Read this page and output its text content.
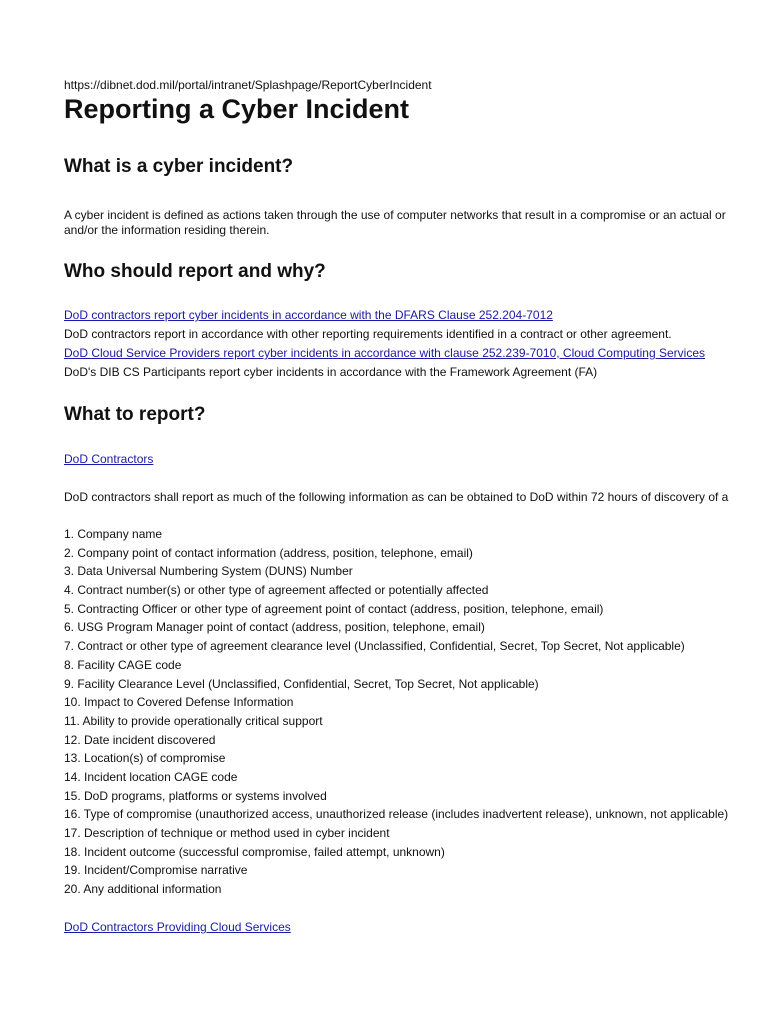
https://dibnet.dod.mil/portal/intranet/Splashpage/ReportCyberIncident
Reporting a Cyber Incident
What is a cyber incident?
A cyber incident is defined as actions taken through the use of computer networks that result in a compromise or an actual or
and/or the information residing therein.
Who should report and why?
DoD contractors report cyber incidents in accordance with the DFARS Clause 252.204-7012
DoD contractors report in accordance with other reporting requirements identified in a contract or other agreement.
DoD Cloud Service Providers report cyber incidents in accordance with clause 252.239-7010, Cloud Computing Services
DoD's DIB CS Participants report cyber incidents in accordance with the Framework Agreement (FA)
What to report?
DoD Contractors
DoD contractors shall report as much of the following information as can be obtained to DoD within 72 hours of discovery of a
1. Company name
2. Company point of contact information (address, position, telephone, email)
3. Data Universal Numbering System (DUNS) Number
4. Contract number(s) or other type of agreement affected or potentially affected
5. Contracting Officer or other type of agreement point of contact (address, position, telephone, email)
6. USG Program Manager point of contact (address, position, telephone, email)
7. Contract or other type of agreement clearance level (Unclassified, Confidential, Secret, Top Secret, Not applicable)
8. Facility CAGE code
9. Facility Clearance Level (Unclassified, Confidential, Secret, Top Secret, Not applicable)
10. Impact to Covered Defense Information
11. Ability to provide operationally critical support
12. Date incident discovered
13. Location(s) of compromise
14. Incident location CAGE code
15. DoD programs, platforms or systems involved
16. Type of compromise (unauthorized access, unauthorized release (includes inadvertent release), unknown, not applicable)
17. Description of technique or method used in cyber incident
18. Incident outcome (successful compromise, failed attempt, unknown)
19. Incident/Compromise narrative
20. Any additional information
DoD Contractors Providing Cloud Services
